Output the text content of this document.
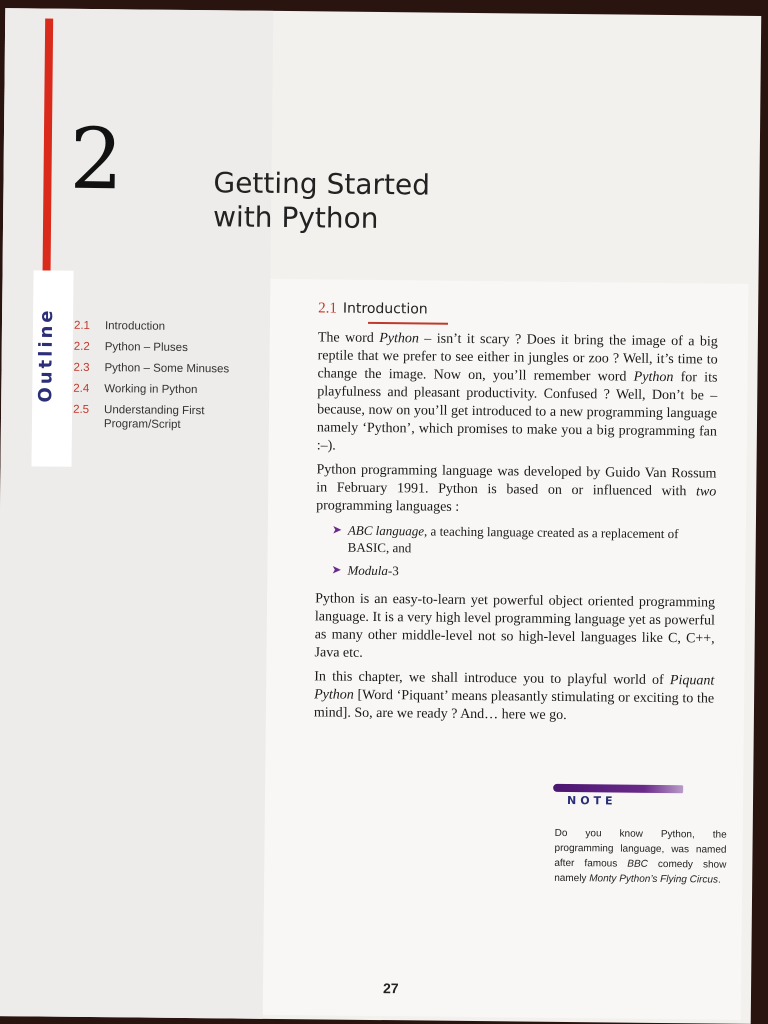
2	Getting Started
with Python
Outline 2.1	Introduction
2.2	Python – Pluses
2.3	Python – Some Minuses
2.4	Working in Python
2.5	Understanding First Program/Script
2.1 Introduction

The word Python – isn’t it scary ? Does it bring the image of a big reptile that we prefer to see either in jungles or zoo ? Well, it’s time to change the image. Now on, you’ll remember word Python for its playfulness and pleasant productivity. Confused ? Well, Don’t be – because, now on you’ll get introduced to a new programming language namely ‘Python’, which promises to make you a big programming fan :–).

Python programming language was developed by Guido Van Rossum in February 1991. Python is based on or influenced with two programming languages :

➤ ABC language, a teaching language created as a replacement of BASIC, and
➤ Modula-3

Python is an easy-to-learn yet powerful object oriented programming language. It is a very high level programming language yet as powerful as many other middle-level not so high-level languages like C, C++, Java etc.

In this chapter, we shall introduce you to playful world of Piquant Python [Word ‘Piquant’ means pleasantly stimulating or exciting to the mind]. So, are we ready ? And… here we go.

NOTE
Do you know Python, the programming language, was named after famous BBC comedy show namely Monty Python’s Flying Circus.
27
